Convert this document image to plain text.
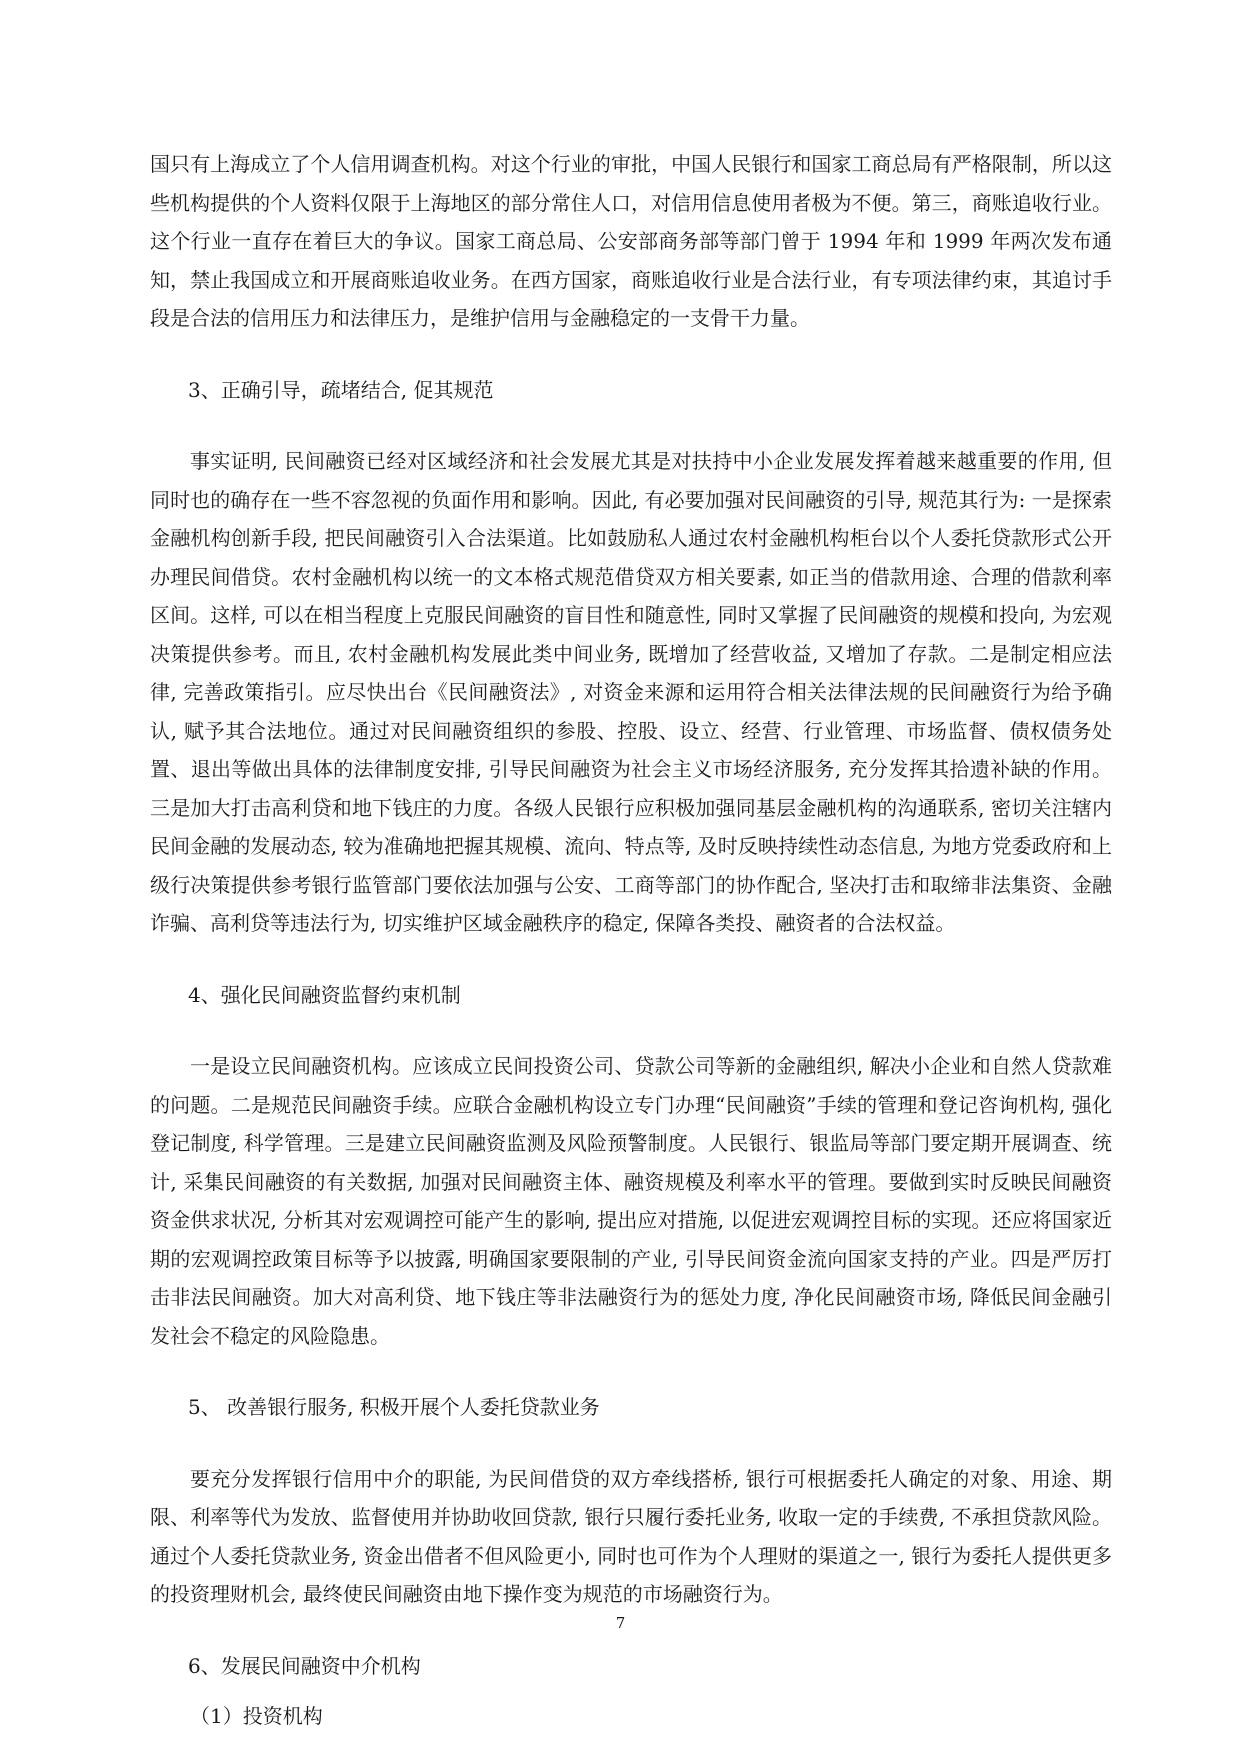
国只有上海成立了个人信用调查机构。对这个行业的审批，中国人民银行和国家工商总局有严格限制，所以这些机构提供的个人资料仅限于上海地区的部分常住人口，对信用信息使用者极为不便。第三，商账追收行业。这个行业一直存在着巨大的争议。国家工商总局、公安部商务部等部门曾于 1994 年和 1999 年两次发布通知，禁止我国成立和开展商账追收业务。在西方国家，商账追收行业是合法行业，有专项法律约束，其追讨手段是合法的信用压力和法律压力，是维护信用与金融稳定的一支骨干力量。

3、正确引导，疏堵结合, 促其规范

事实证明, 民间融资已经对区域经济和社会发展尤其是对扶持中小企业发展发挥着越来越重要的作用, 但同时也的确存在一些不容忽视的负面作用和影响。因此, 有必要加强对民间融资的引导, 规范其行为: 一是探索金融机构创新手段, 把民间融资引入合法渠道。比如鼓励私人通过农村金融机构柜台以个人委托贷款形式公开办理民间借贷。农村金融机构以统一的文本格式规范借贷双方相关要素, 如正当的借款用途、合理的借款利率区间。这样, 可以在相当程度上克服民间融资的盲目性和随意性, 同时又掌握了民间融资的规模和投向, 为宏观决策提供参考。而且, 农村金融机构发展此类中间业务, 既增加了经营收益, 又增加了存款。二是制定相应法律, 完善政策指引。应尽快出台《民间融资法》, 对资金来源和运用符合相关法律法规的民间融资行为给予确认, 赋予其合法地位。通过对民间融资组织的参股、控股、设立、经营、行业管理、市场监督、债权债务处置、退出等做出具体的法律制度安排, 引导民间融资为社会主义市场经济服务, 充分发挥其拾遗补缺的作用。三是加大打击高利贷和地下钱庄的力度。各级人民银行应积极加强同基层金融机构的沟通联系, 密切关注辖内民间金融的发展动态, 较为准确地把握其规模、流向、特点等, 及时反映持续性动态信息, 为地方党委政府和上级行决策提供参考银行监管部门要依法加强与公安、工商等部门的协作配合, 坚决打击和取缔非法集资、金融诈骗、高利贷等违法行为, 切实维护区域金融秩序的稳定, 保障各类投、融资者的合法权益。

4、强化民间融资监督约束机制

一是设立民间融资机构。应该成立民间投资公司、贷款公司等新的金融组织, 解决小企业和自然人贷款难的问题。二是规范民间融资手续。应联合金融机构设立专门办理“民间融资”手续的管理和登记咨询机构, 强化登记制度, 科学管理。三是建立民间融资监测及风险预警制度。人民银行、银监局等部门要定期开展调查、统计, 采集民间融资的有关数据, 加强对民间融资主体、融资规模及利率水平的管理。要做到实时反映民间融资资金供求状况, 分析其对宏观调控可能产生的影响, 提出应对措施, 以促进宏观调控目标的实现。还应将国家近期的宏观调控政策目标等予以披露, 明确国家要限制的产业, 引导民间资金流向国家支持的产业。四是严厉打击非法民间融资。加大对高利贷、地下钱庄等非法融资行为的惩处力度, 净化民间融资市场, 降低民间金融引发社会不稳定的风险隐患。

5、 改善银行服务, 积极开展个人委托贷款业务

要充分发挥银行信用中介的职能, 为民间借贷的双方牵线搭桥, 银行可根据委托人确定的对象、用途、期限、利率等代为发放、监督使用并协助收回贷款, 银行只履行委托业务, 收取一定的手续费, 不承担贷款风险。通过个人委托贷款业务, 资金出借者不但风险更小, 同时也可作为个人理财的渠道之一, 银行为委托人提供更多的投资理财机会, 最终使民间融资由地下操作变为规范的市场融资行为。

6、发展民间融资中介机构

（1）投资机构

7
